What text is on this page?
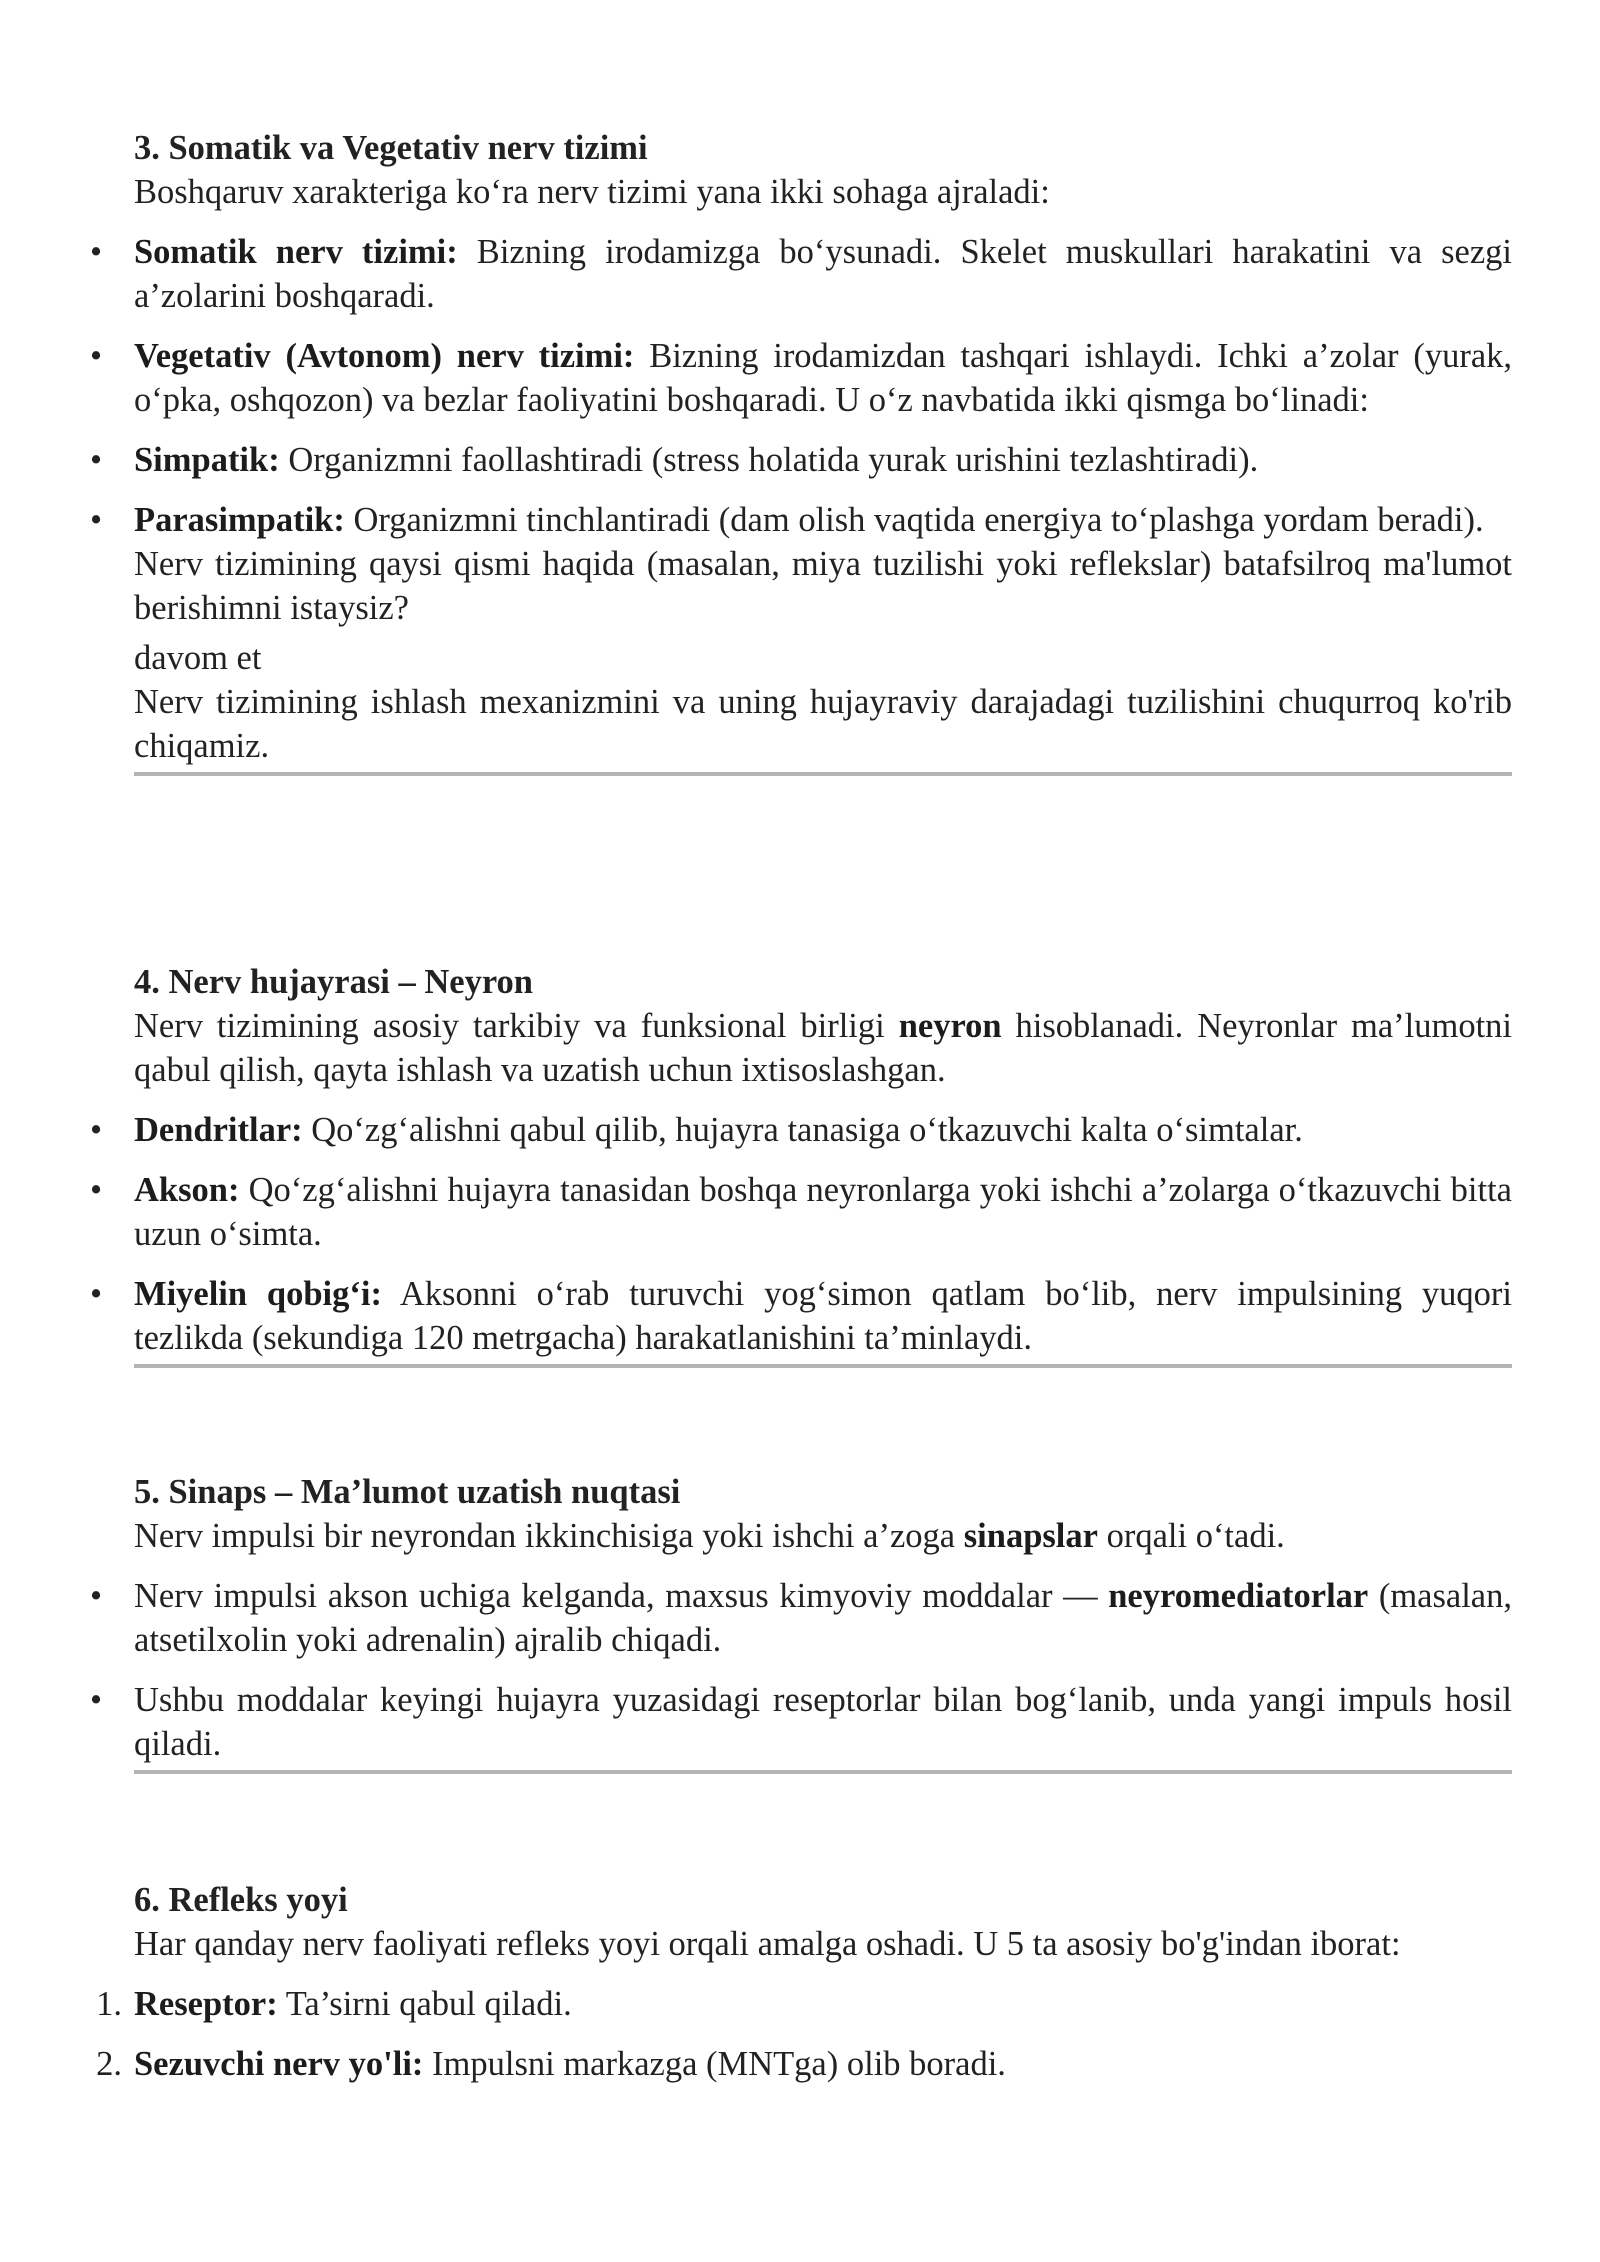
3. Somatik va Vegetativ nerv tizimi

Boshqaruv xarakteriga ko‘ra nerv tizimi yana ikki sohaga ajraladi:

• Somatik nerv tizimi: Bizning irodamizga bo‘ysunadi. Skelet muskullari harakatini va sezgi a’zolarini boshqaradi.
• Vegetativ (Avtonom) nerv tizimi: Bizning irodamizdan tashqari ishlaydi. Ichki a’zolar (yurak, o‘pka, oshqozon) va bezlar faoliyatini boshqaradi. U o‘z navbatida ikki qismga bo‘linadi:
• Simpatik: Organizmni faollashtiradi (stress holatida yurak urishini tezlashtiradi).
• Parasimpatik: Organizmni tinchlantiradi (dam olish vaqtida energiya to‘plashga yordam beradi).

Nerv tizimining qaysi qismi haqida (masalan, miya tuzilishi yoki reflekslar) batafsilroq ma'lumot berishimni istaysiz?

davom et

Nerv tizimining ishlash mexanizmini va uning hujayraviy darajadagi tuzilishini chuqurroq ko'rib chiqamiz.

4. Nerv hujayrasi – Neyron

Nerv tizimining asosiy tarkibiy va funksional birligi neyron hisoblanadi. Neyronlar ma’lumotni qabul qilish, qayta ishlash va uzatish uchun ixtisoslashgan.

• Dendritlar: Qo‘zg‘alishni qabul qilib, hujayra tanasiga o‘tkazuvchi kalta o‘simtalar.
• Akson: Qo‘zg‘alishni hujayra tanasidan boshqa neyronlarga yoki ishchi a’zolarga o‘tkazuvchi bitta uzun o‘simta.
• Miyelin qobig‘i: Aksonni o‘rab turuvchi yog‘simon qatlam bo‘lib, nerv impulsining yuqori tezlikda (sekundiga 120 metrgacha) harakatlanishini ta’minlaydi.

5. Sinaps – Ma’lumot uzatish nuqtasi

Nerv impulsi bir neyrondan ikkinchisiga yoki ishchi a’zoga sinapslar orqali o‘tadi.

• Nerv impulsi akson uchiga kelganda, maxsus kimyoviy moddalar — neyromediatorlar (masalan, atsetilxolin yoki adrenalin) ajralib chiqadi.
• Ushbu moddalar keyingi hujayra yuzasidagi reseptorlar bilan bog‘lanib, unda yangi impuls hosil qiladi.

6. Refleks yoyi

Har qanday nerv faoliyati refleks yoyi orqali amalga oshadi. U 5 ta asosiy bo'g'indan iborat:

1. Reseptor: Ta’sirni qabul qiladi.
2. Sezuvchi nerv yo'li: Impulsni markazga (MNTga) olib boradi.
